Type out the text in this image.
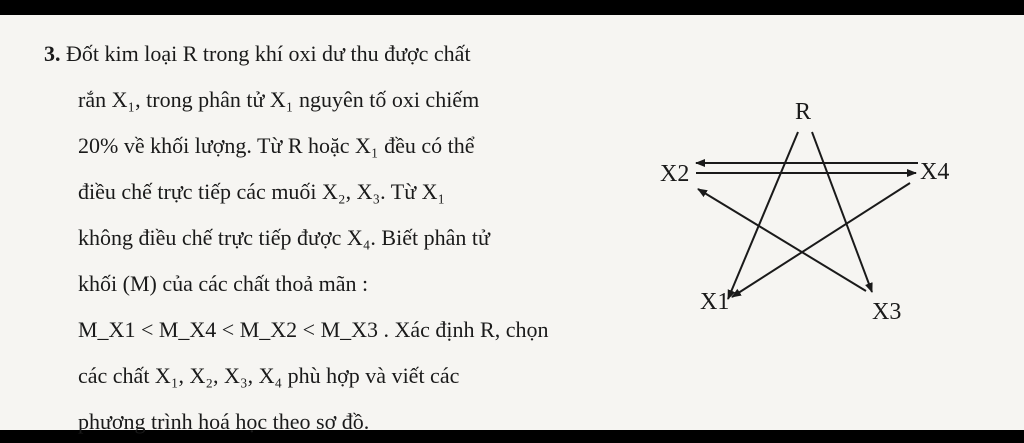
3. Đốt kim loại R trong khí oxi dư thu được chất
rắn X₁, trong phân tử X₁ nguyên tố oxi chiếm
20% về khối lượng. Từ R hoặc X₁ đều có thể
điều chế trực tiếp các muối X₂, X₃. Từ X₁
không điều chế trực tiếp được X₄. Biết phân tử
khối (M) của các chất thoả mãn :
M_X1 < M_X4 < M_X2 < M_X3 . Xác định R, chọn
các chất X₁, X₂, X₃, X₄ phù hợp và viết các
phương trình hoá học theo sơ đồ.
R
X2	X4
X1	X3
